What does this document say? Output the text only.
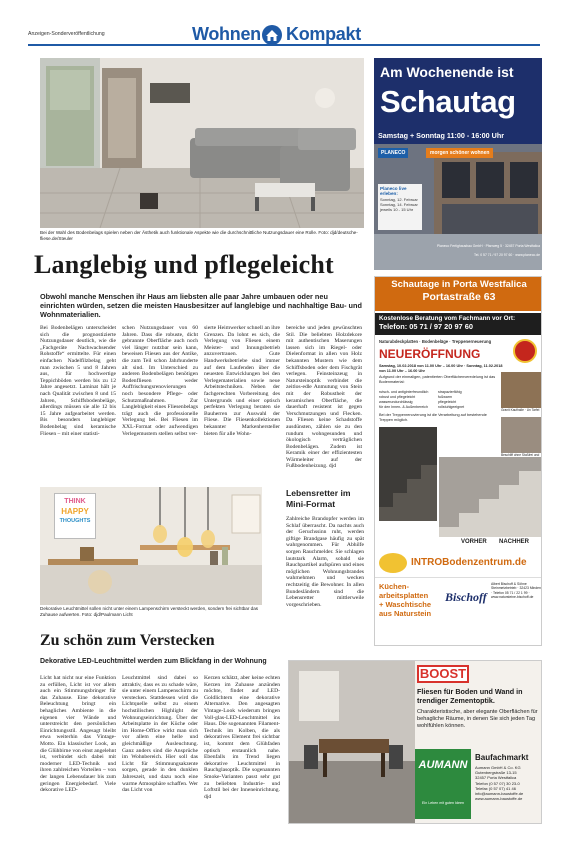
Anzeigen-Sonderveröffentlichung	Wohnen Kompakt
Bei der Wahl des Bodenbelags spielen neben der Ästhetik auch funktionale Aspekte wie die durchschnittliche Nutzungsdauer eine Rolle. Foto: djd/deutsche-fliese.de/Steuler
Langlebig und pflegeleicht
Obwohl manche Menschen ihr Haus am liebsten alle paar Jahre umbauen oder neu einrichten würden, setzen die meisten Hausbesitzer auf langlebige und nachhaltige Bau- und Wohnmaterialien.
Bei Bodenbelägen unterscheidet sich die prognostizierte Nutzungsdauer deutlich, wie die „Fachgeräte Nachwachsender Rohstoffe“ ermittelte. Für einen einfachen Nadelfilzbelag geht man zwischen 5 und 8 Jahren aus, für hochwertige Teppichböden werden bis zu 12 Jahre angesetzt. Laminat hält je nach Qualität zwischen 8 und 15 Jahren, Schiffsbodenbeläge, allerdings müssen sie alle 12 bis 15 Jahre aufgearbeitet werden. Bis besonders langlebiger Bodenbelag sind keramische Fliesen – mit einer statisti-
schen Nutzungsdauer von 60 Jahren. Dass die robuste, dicht gebrannte Oberfläche auch noch viel länger nutzbar sein kann, beweisen Fliesen aus der Antike, die zum Teil schon Jahrhunderte alt sind. Im Unterschied zu anderen Bodenbelägen benötigen Bodenfliesen weder Auffrischungsrenovierungen noch besondere Pflege- oder Schutzmaßnahmen. Zur Langlebigkeit eines Fliesenbelags trägt auch die professionelle Verlegung bei. Bei Fliesen im XXL-Format oder aufwendigen Verlegemustern stellen selbst ver-
sierte Heimwerker schnell an ihre Grenzen. Da lohnt es sich, die Verlegung von Fliesen einem Meister- und Innungsbetrieb anzuvertrauen. Gute Handwerksbetriebe sind immer auf dem Laufenden über die neuesten Entwicklungen bei den Verlegematerialien sowie neue Arbeitstechniken. Neben der fachgerechten Vorbereitung des Untergrunds und einer optisch perfekten Verlegung beraten sie Bauherren zur Auswahl der Fliese. Die Fliesenkollektionen bekannter Markenhersteller bieten für alle Wohn-
bereiche und jeden gewünschten Stil. Die beliebten Holzdekore mit authentischen Maserungen lassen sich im Riegel- oder Dielenformat in allen von Holz bekannten Mustern wie dem Schiffsboden oder dem Fischgrät verlegen. Feinsteinzeug in Natursteinoptik verbindet die zeitlos-edle Anmutung von Stein mit der Robustheit der keramischen Oberfläche, die dauerhaft resistent ist gegen Verschmutzungen und Flecken. Da Fliesen keine Schadstoffe ausdünsten, zählen sie zu den rundum wohngesunden und ökologisch verträglichen Bodenbelägen. Zudem ist Keramik einer der effizientesten Wärmeleiter auf der Fußbodenheizung. djd
THINK
HAPPY
THOUGHTS
Dekorative Leuchtmittel sollen nicht unter einem Lampenschirm versteckt werden, sondern frei sichtbar das Zuhause aufwerten. Foto: djd/Paulmann Licht
Lebensretter im Mini-Format
Zahlreiche Brandopfer werden im Schlaf überrascht. Da nachts auch der Geruchssinn ruht, werden giftige Brandgase häufig zu spät wahrgenommen. Für Abhilfe sorgen Rauchmelder. Sie schlagen lautstark Alarm, sobald sie Rauchpartikel aufspüren und eines möglichen Wohnungsbrandes wahrnehmen und wecken rechtzeitig die Bewohner. In allen Bundesländern sind die Lebensretter mittlerweile vorgeschrieben.
Zu schön zum Verstecken
Dekorative LED-Leuchtmittel werden zum Blickfang in der Wohnung
Licht hat nicht nur eine Funktion zu erfüllen, Licht ist vor allem auch ein Stimmungsbringer für das Zuhause. Eine dekorative Beleuchtung bringt ein behagliches Ambiente in die eigenen vier Wände und unterstreicht den persönlichen Einrichtungsstil. Angesagt bleibt etwa weiterhin das Vintage-Motto. Ein klassischer Look, an die Glühbirne von einst angelehnt ist, verbindet sich dabei mit moderner LED-Technik und ihren zahlreichen Vorteilen – von der langen Lebensdauer bis zum geringen Energiebedarf. Viele dekorative LED-
Leuchtmittel sind dabei so attraktiv, dass es zu schade wäre, sie unter einem Lampenschirm zu verstecken. Stattdessen wird die Lichtquelle selbst zu einem hochstilischen Highlight der Wohnungseinrichtung. Über der Arbeitsplatte in der Küche oder im Home-Office wirkt man sich vor allem eine helle und gleichmäßige Ausleuchtung. Ganz anders sind die Ansprüche im Wohnbereich. Hier soll das Licht für Stimmungsakzente sorgen, gerade in den dunklen Jahreszeit, und dazu noch eine warme Atmosphäre schaffen. Wer das Licht von
Kerzen schätzt, aber keine echten Kerzen im Zuhause anzünden möchte, findet auf LED-Goldlichtern eine dekorative Alternative. Den angesagten Vintage-Look wiederum bringen Voll-glas-LED-Leuchtmittel ins Haus. Die sogenannten Filament-Technik im Kolben, die als dekoratives Element frei sichtbar ist, kommt dem Glühfaden optisch erstaunlich nahe. Ebenfalls im Trend liegen dekorative Leuchtmittel in Rauchglasoptik. Die sogenannten Smoke-Varianten passt sehr gut zu beliebten Industrie- und Loftstil bei der Inneneinrichtung. djd
Am Wochenende ist
Schautag
Samstag + Sonntag 11:00 - 16:00 Uhr
PLANECO	morgen schöner wohnen
Planeco live erleben:
Sonntag, 12. Februar
Sonntag, 14. Februar
jeweils 10 - 15 Uhr
Planeco Fertighausbau GmbH · Pfarrweg 5 · 32457 Porta Westfalica
Tel. 0 57 71 / 97 20 97 60 · www.planeco.de
Schautage in Porta Westfalica
Portastraße 63
Kostenlose Beratung vom Fachmann vor Ort:
Telefon: 05 71 / 97 20 97 60
Naturabdeckplatten · Bodenbeläge · Treppenerneuerung
NEUERÖFFNUNG
Samstag, 10.02.2018 von 11.00 Uhr – 16.00 Uhr · Sonntag, 11.02.2018 von 11.00 Uhr – 16.00 Uhr
Aufgrund der einmaligen, patentierten Oberflächenveredelung ist das Bodenmaterial:
rutsch- und antiginterfreundlich	strapazierfähig
robust und pflegeleicht	fußwarm
wasserundurchlässig	pflegeleicht
für den Innen- & Außenbereich	rollstuhlgeeignet
Bei der Treppenrenovierung ist die Verarbeitung auf bestehende Treppen möglich.
Granit Kaufhalle · Un Tarfel
Beschliff ohne Stoßfrei und
VORHER NACHHER
INTROBodenzentrum.de
Küchen-
arbeitsplatten
+ Waschtische
aus Naturstein
Bischoff
Albert Bischoff & Söhne Steinmetzbetrieb · 32423 Minden · Telefon 05 71 / 22 1 99 · www.natursteine-bischoff.de
BOOST
Fliesen für Boden und Wand in trendiger Zementoptik.
Charakteristische, aber elegante Oberflächen für behagliche Räume, in denen Sie sich jeden Tag wohlfühlen können.
AUMANN
Ein Leben mit guten Ideen
Baufachmarkt
Aumann GmbH & Co. KG
Gutenbergstraße 13-15
32457 Porta Westfalica
Telefon (0 57 07) 30 23-0
Telefax (0 57 07) 41 46
info@aumann-baustoffe.de
www.aumann-baustoffe.de
